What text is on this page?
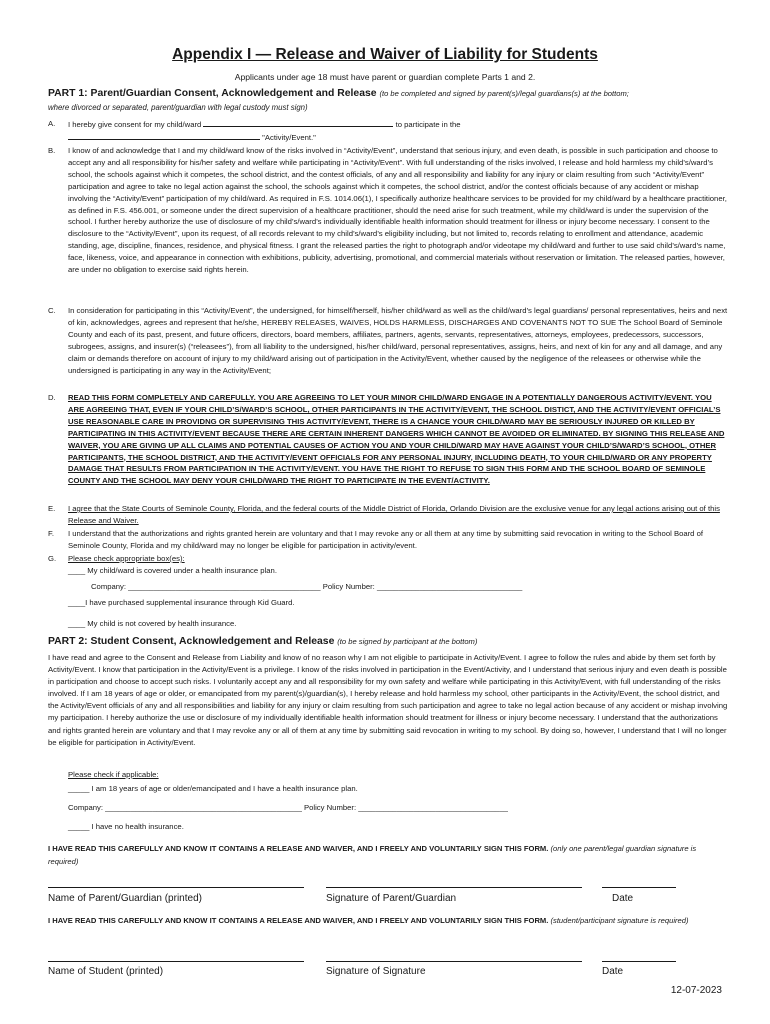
Appendix I — Release and Waiver of Liability for Students
Applicants under age 18 must have parent or guardian complete Parts 1 and 2.
PART 1: Parent/Guardian Consent, Acknowledgement and Release (to be completed and signed by parent(s)/legal guardians(s) at the bottom;
where divorced or separated, parent/guardian with legal custody must sign)
A.	I hereby give consent for my child/ward	to participate in the
"Activity/Event."
B.	I know of and acknowledge that I and my child/ward know of the risks involved in “Activity/Event”, understand that serious injury, and even death, is possible in such participation and choose to accept any and all responsibility for his/her safety and welfare while participating in “Activity/Event”. With full understanding of the risks involved, I release and hold harmless my child’s/ward’s school, the schools against which it competes, the school district, and the contest officials, of any and all responsibility and liability for any injury or claim resulting from such “Activity/Event” participation and agree to take no legal action against the school, the schools against which it competes, the school district, and/or the contest officials because of any accident or mishap involving the “Activity/Event” participation of my child/ward. As required in F.S. 1014.06(1), I specifically authorize healthcare services to be provided for my child/ward by a healthcare practitioner, as defined in F.S. 456.001, or someone under the direct supervision of a healthcare practitioner, should the need arise for such treatment, while my child/ward is under the supervision of the school. I further hereby authorize the use of disclosure of my child’s/ward’s individually identifiable health information should treatment for illness or injury become necessary. I consent to the disclosure to the “Activity/Event”, upon its request, of all records relevant to my child’s/ward’s eligibility including, but not limited to, records relating to enrollment and attendance, academic standing, age, discipline, finances, residence, and physical fitness. I grant the released parties the right to photograph and/or videotape my child/ward and further to use said child’s/ward’s name, face, likeness, voice, and appearance in connection with exhibitions, publicity, advertising, promotional, and commercial materials without reservation or limitation. The released parties, however, are under no obligation to exercise said rights herein.
C.	In consideration for participating in this “Activity/Event”, the undersigned, for himself/herself, his/her child/ward as well as the child/ward’s legal guardians/ personal representatives, heirs and next of kin, acknowledges, agrees and represent that he/she, HEREBY RELEASES, WAIVES, HOLDS HARMLESS, DISCHARGES AND COVENANTS NOT TO SUE The School Board of Seminole County and each of its past, present, and future officers, directors, board members, affiliates, partners, agents, servants, representatives, attorneys, employees, predecessors, successors, subrogees, assigns, and insurer(s) (“releasees”), from all liability to the undersigned, his/her child/ward, personal representatives, assigns, heirs, and next of kin for any and all damage, and any claim or demands therefore on account of injury to my child/ward arising out of participation in the Activity/Event, whether caused by the negligence of the releasees or otherwise while the undersigned is participating in any way in the Activity/Event;
D.	READ THIS FORM COMPLETELY AND CAREFULLY. YOU ARE AGREEING TO LET YOUR MINOR CHILD/WARD ENGAGE IN A POTENTIALLY DANGEROUS ACTIVITY/EVENT. YOU ARE AGREEING THAT, EVEN IF YOUR CHILD’S/WARD’S SCHOOL, OTHER PARTICIPANTS IN THE ACTIVITY/EVENT, THE SCHOOL DISTICT, AND THE ACTIVITY/EVENT OFFICIAL’S USE REASONABLE CARE IN PROVIDNG OR SUPERVISING THIS ACTIVITY/EVENT, THERE IS A CHANCE YOUR CHILD/WARD MAY BE SERIOUSLY INJURED OR KILLED BY PARTICIPATING IN THIS ACTIVITY/EVENT BECAUSE THERE ARE CERTAIN INHERENT DANGERS WHICH CANNOT BE AVOIDED OR ELIMINATED. BY SIGNING THIS RELEASE AND WAIVER, YOU ARE GIVING UP ALL CLAIMS AND POTENTIAL CAUSES OF ACTION YOU AND YOUR CHILD/WARD MAY HAVE AGAINST YOUR CHILD’S/WARD’S SCHOOL, OTHER PARTICIPANTS, THE SCHOOL DISTRICT, AND THE ACTIVITY/EVENT OFFICIALS FOR ANY PERSONAL INJURY, INCLUDING DEATH, TO YOUR CHILD/WARD OR ANY PROPERTY DAMAGE THAT RESULTS FROM PARTICIPATION IN THE ACTIVITY/EVENT. YOU HAVE THE RIGHT TO REFUSE TO SIGN THIS FORM AND THE SCHOOL BOARD OF SEMINOLE COUNTY AND THE SCHOOL MAY DENY YOUR CHILD/WARD THE RIGHT TO PARTICIPATE IN THE EVENT/ACTIVITY.
E.	I agree that the State Courts of Seminole County, Florida, and the federal courts of the Middle District of Florida, Orlando Division are the exclusive venue for any legal actions arising out of this Release and Waiver.
F.	I understand that the authorizations and rights granted herein are voluntary and that I may revoke any or all them at any time by submitting said revocation in writing to the School Board of Seminole County, Florida and my child/ward may no longer be eligible for participation in activity/event.
G.	Please check appropriate box(es):
____ My child/ward is covered under a health insurance plan.
Company: _____________________________________________ Policy Number: __________________________________
____I have purchased supplemental insurance through Kid Guard.
____ My child is not covered by health insurance.
PART 2: Student Consent, Acknowledgement and Release (to be signed by participant at the bottom)
I have read and agree to the Consent and Release from Liability and know of no reason why I am not eligible to participate in Activity/Event. I agree to follow the rules and abide by them set forth by Activity/Event. I know that participation in the Activity/Event is a privilege. I know of the risks involved in participation in the Event/Activity, and I understand that serious injury and even death is possible in participation and choose to accept such risks. I voluntarily accept any and all responsibility for my own safety and welfare while participating in this Activity/Event, with full understanding of the risks involved. If I am 18 years of age or older, or emancipated from my parent(s)/guardian(s), I hereby release and hold harmless my school, other participants in the Activity/Event, the school district, and the Activity/Event officials of any and all responsibilities and liability for any injury or claim resulting from such participation and agree to take no legal action because of any accident or mishap involving my participation. I hereby authorize the use or disclosure of my individually identifiable health information should treatment for illness or injury become necessary. I understand that the authorizations and rights granted herein are voluntary and that I may revoke any or all of them at any time by submitting said revocation in writing to my school. By doing so, however, I understand that I will no longer be eligible for participation in Activity/Event.
Please check if applicable:
_____ I am 18 years of age or older/emancipated and I have a health insurance plan.
Company: ______________________________________________ Policy Number: ___________________________________
_____ I have no health insurance.
I HAVE READ THIS CAREFULLY AND KNOW IT CONTAINS A RELEASE AND WAIVER, AND I FREELY AND VOLUNTARILY SIGN THIS FORM. (only one parent/legal guardian signature is required)
Name of Parent/Guardian (printed)	Signature of Parent/Guardian	Date
I HAVE READ THIS CAREFULLY AND KNOW IT CONTAINS A RELEASE AND WAIVER, AND I FREELY AND VOLUNTARILY SIGN THIS FORM. (student/participant signature is required)
Name of Student (printed)	Signature of Signature	Date
12-07-2023
